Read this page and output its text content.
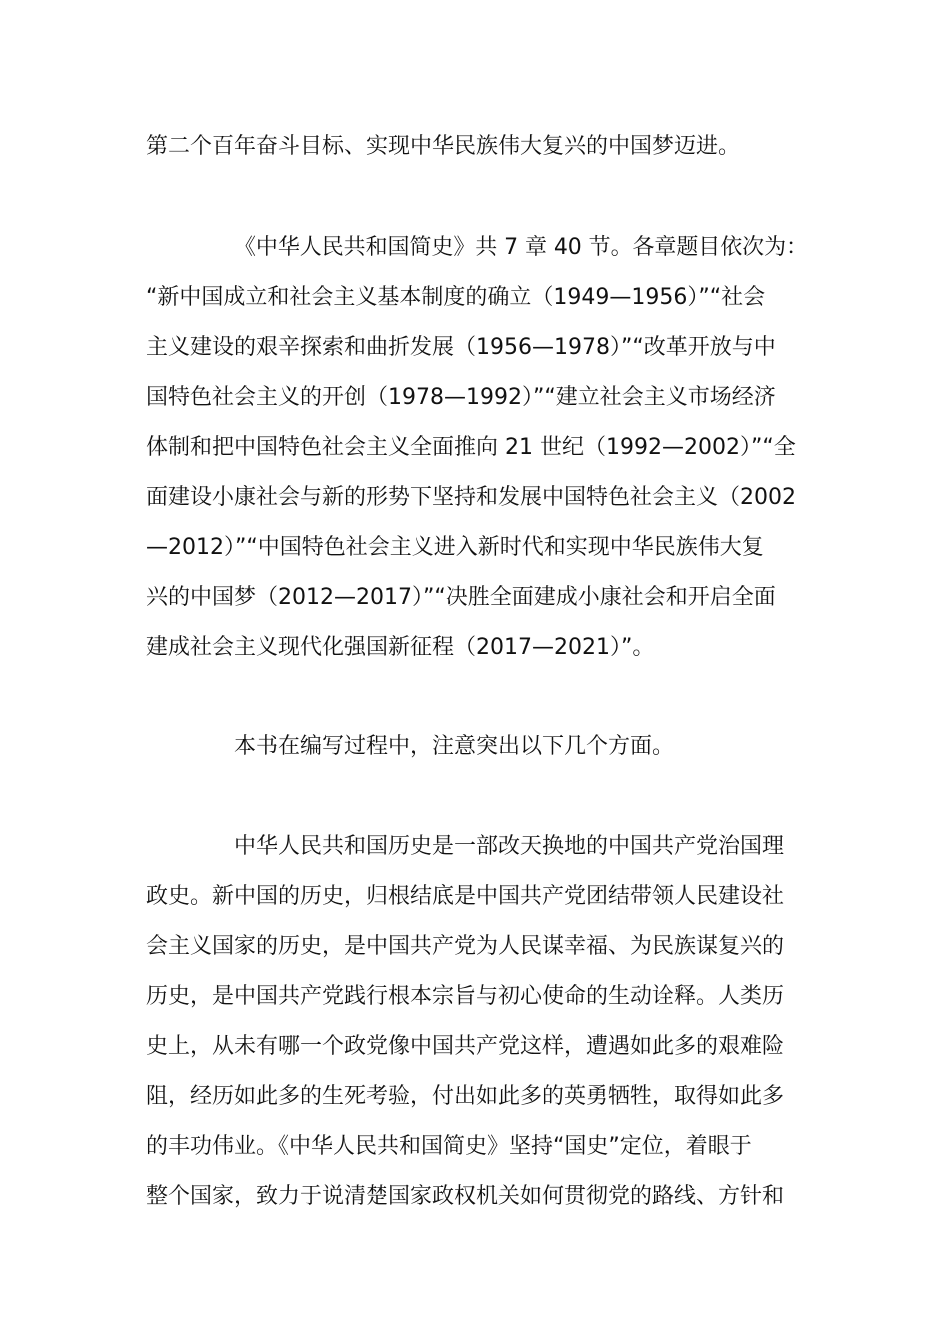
第二个百年奋斗目标、实现中华民族伟大复兴的中国梦迈进。
《中华人民共和国简史》共 7 章 40 节。各章题目依次为：
“新中国成立和社会主义基本制度的确立（1949—1956）”“社会
主义建设的艰辛探索和曲折发展（1956—1978）”“改革开放与中
国特色社会主义的开创（1978—1992）”“建立社会主义市场经济
体制和把中国特色社会主义全面推向 21 世纪（1992—2002）”“全
面建设小康社会与新的形势下坚持和发展中国特色社会主义（2002
—2012）”“中国特色社会主义进入新时代和实现中华民族伟大复
兴的中国梦（2012—2017）”“决胜全面建成小康社会和开启全面
建成社会主义现代化强国新征程（2017—2021）”。
本书在编写过程中，注意突出以下几个方面。
中华人民共和国历史是一部改天换地的中国共产党治国理
政史。新中国的历史，归根结底是中国共产党团结带领人民建设社
会主义国家的历史，是中国共产党为人民谋幸福、为民族谋复兴的
历史，是中国共产党践行根本宗旨与初心使命的生动诠释。人类历
史上，从未有哪一个政党像中国共产党这样，遭遇如此多的艰难险
阻，经历如此多的生死考验，付出如此多的英勇牺牲，取得如此多
的丰功伟业。《中华人民共和国简史》坚持“国史”定位，着眼于
整个国家，致力于说清楚国家政权机关如何贯彻党的路线、方针和
